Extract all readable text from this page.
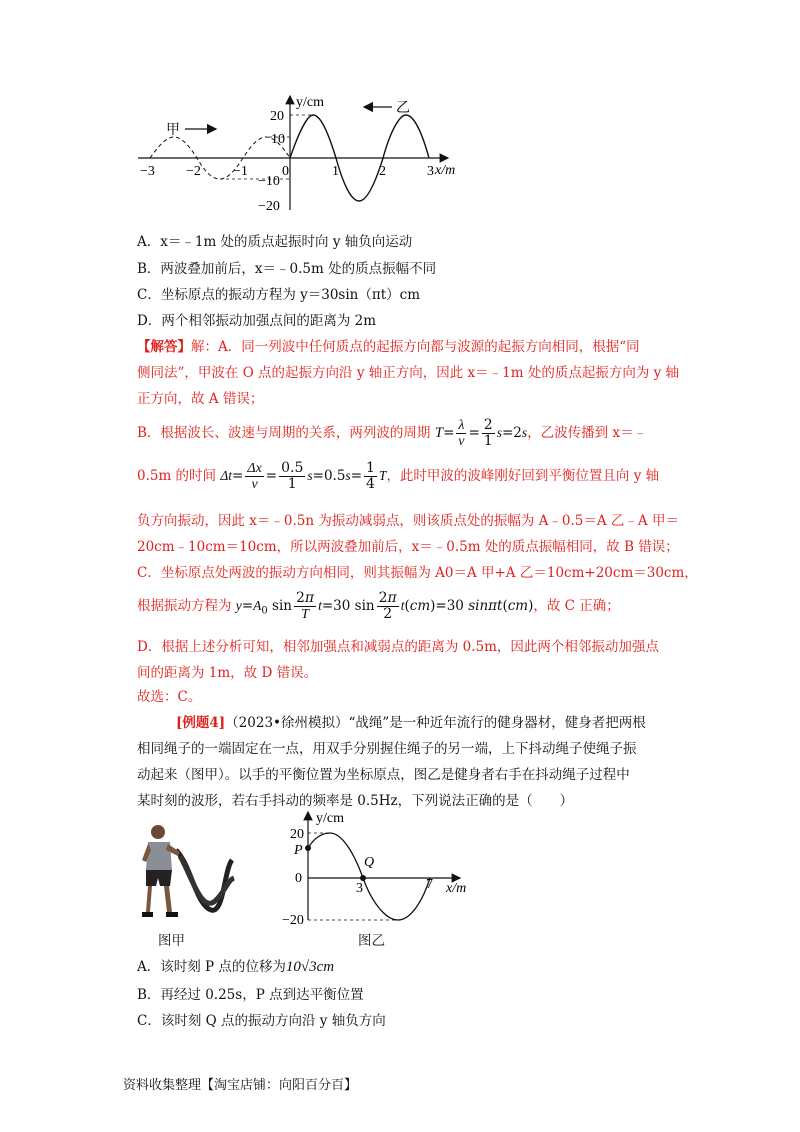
y/cm
x/m
−3 −2 −1 0	1	2	3
20
10
−10
−20
甲
乙
A．x＝﹣1m 处的质点起振时向 y 轴负向运动
B．两波叠加前后，x＝﹣0.5m 处的质点振幅不同
C．坐标原点的振动方程为 y＝30sin（πt）cm
D．两个相邻振动加强点间的距离为 2m
【解答】解：A．同一列波中任何质点的起振方向都与波源的起振方向相同，根据“同
侧同法”，甲波在 O 点的起振方向沿 y 轴正方向，因此 x＝﹣1m 处的质点起振方向为 y 轴
正方向，故 A 错误；
B．根据波长、波速与周期的关系，两列波的周期 $T= \frac{\lambda}{v} = \frac{2}{1} s=2s$，乙波传播到 x＝﹣
0.5m 的时间 $\Delta t= \frac{\Delta x}{v} = \frac{0.5}{1} s=0.5s= \frac{1}{4}$ T，此时甲波的波峰刚好回到平衡位置且向 y 轴
负方向振动，因此 x＝﹣0.5n 为振动减弱点，则该质点处的振幅为 A﹣0.5＝A 乙﹣A 甲＝
20cm﹣10cm＝10cm，所以两波叠加前后，x＝﹣0.5m 处的质点振幅相同，故 B 错误；
C．坐标原点处两波的振动方向相同，则其振幅为 A0＝A 甲+A 乙＝10cm+20cm＝30cm，
根据振动方程为 $y=A_0$ $\sin \frac{2\pi}{T} t=30$ $\sin \frac{2\pi}{2} t(cm)=30$ sinπt(cm)，故 C 正确；
D．根据上述分析可知，相邻加强点和减弱点的距离为 0.5m，因此两个相邻振动加强点
间的距离为 1m，故 D 错误。
故选：C。
[例题4]（2023•徐州模拟）“战绳”是一种近年流行的健身器材，健身者把两根
相同绳子的一端固定在一点，用双手分别握住绳子的另一端，上下抖动绳子使绳子振
动起来（图甲）。以手的平衡位置为坐标原点，图乙是健身者右手在抖动绳子过程中
某时刻的波形，若右手抖动的频率是 0.5Hz，下列说法正确的是（　　）
图甲
y/cm
x/m
P
Q
20
0
−20
3	7
图乙
A．该时刻 P 点的位移为10√3cm
B．再经过 0.25s，P 点到达平衡位置
C．该时刻 Q 点的振动方向沿 y 轴负方向
资料收集整理【淘宝店铺：向阳百分百】
